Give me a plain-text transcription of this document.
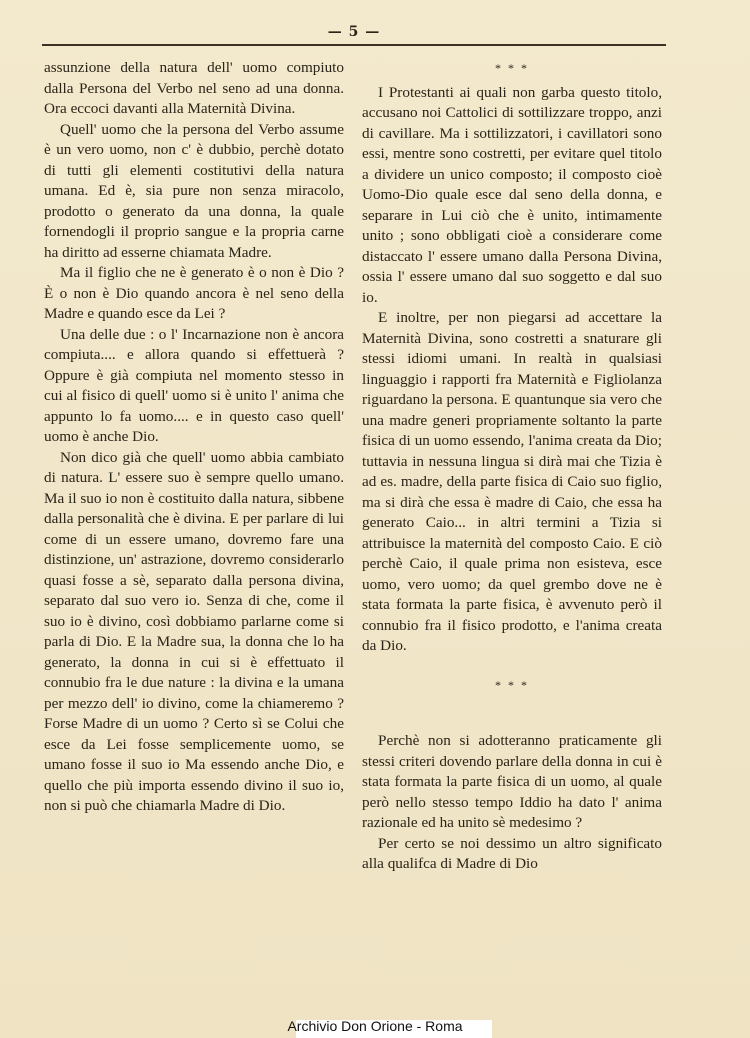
— 5 —

assunzione della natura dell' uomo compiuto dalla Persona del Verbo nel seno ad una donna. Ora eccoci davanti alla Maternità Divina.

Quell' uomo che la persona del Verbo assume è un vero uomo, non c' è dubbio, perchè dotato di tutti gli elementi costitutivi della natura umana. Ed è, sia pure non senza miracolo, prodotto o generato da una donna, la quale fornendogli il proprio sangue e la propria carne ha diritto ad esserne chiamata Madre.

Ma il figlio che ne è generato è o non è Dio ? È o non è Dio quando ancora è nel seno della Madre e quando esce da Lei ?

Una delle due : o l' Incarnazione non è ancora compiuta.... e allora quando si effettuerà ? Oppure è già compiuta nel momento stesso in cui al fisico di quell' uomo si è unito l' anima che appunto lo fa uomo.... e in questo caso quell' uomo è anche Dio.

Non dico già che quell' uomo abbia cambiato di natura. L' essere suo è sempre quello umano. Ma il suo io non è costituito dalla natura, sibbene dalla personalità che è divina. E per parlare di lui come di un essere umano, dovremo fare una distinzione, un' astrazione, dovremo considerarlo quasi fosse a sè, separato dalla persona divina, separato dal suo vero io. Senza di che, come il suo io è divino, così dobbiamo parlarne come si parla di Dio. E la Madre sua, la donna che lo ha generato, la donna in cui si è effettuato il connubio fra le due nature : la divina e la umana per mezzo dell' io divino, come la chiameremo ? Forse Madre di un uomo ? Certo sì se Colui che esce da Lei fosse semplicemente uomo, se umano fosse il suo io Ma essendo anche Dio, e quello che più importa essendo divino il suo io, non si può che chiamarla Madre di Dio.

* * *

I Protestanti ai quali non garba questo titolo, accusano noi Cattolici di sottilizzare troppo, anzi di cavillare. Ma i sottilizzatori, i cavillatori sono essi, mentre sono costretti, per evitare quel titolo a dividere un unico composto; il composto cioè Uomo-Dio quale esce dal seno della donna, e separare in Lui ciò che è unito, intimamente unito ; sono obbligati cioè a considerare come distaccato l' essere umano dalla Persona Divina, ossia l' essere umano dal suo soggetto e dal suo io.

E inoltre, per non piegarsi ad accettare la Maternità Divina, sono costretti a snaturare gli stessi idiomi umani. In realtà in qualsiasi linguaggio i rapporti fra Maternità e Figliolanza riguardano la persona. E quantunque sia vero che una madre generi propriamente soltanto la parte fisica di un uomo essendo, l'anima creata da Dio; tuttavia in nessuna lingua si dirà mai che Tizia è ad es. madre, della parte fisica di Caio suo figlio, ma si dirà che essa è madre di Caio, che essa ha generato Caio... in altri termini a Tizia si attribuisce la maternità del composto Caio. E ciò perchè Caio, il quale prima non esisteva, esce uomo, vero uomo; da quel grembo dove ne è stata formata la parte fisica, è avvenuto però il connubio fra il fisico prodotto, e l'anima creata da Dio.

* * *

Perchè non si adotteranno praticamente gli stessi criteri dovendo parlare della donna in cui è stata formata la parte fisica di un uomo, al quale però nello stesso tempo Iddio ha dato l' anima razionale ed ha unito sè medesimo ?

Per certo se noi dessimo un altro significato alla qualifca di Madre di Dio

Archivio Don Orione - Roma
